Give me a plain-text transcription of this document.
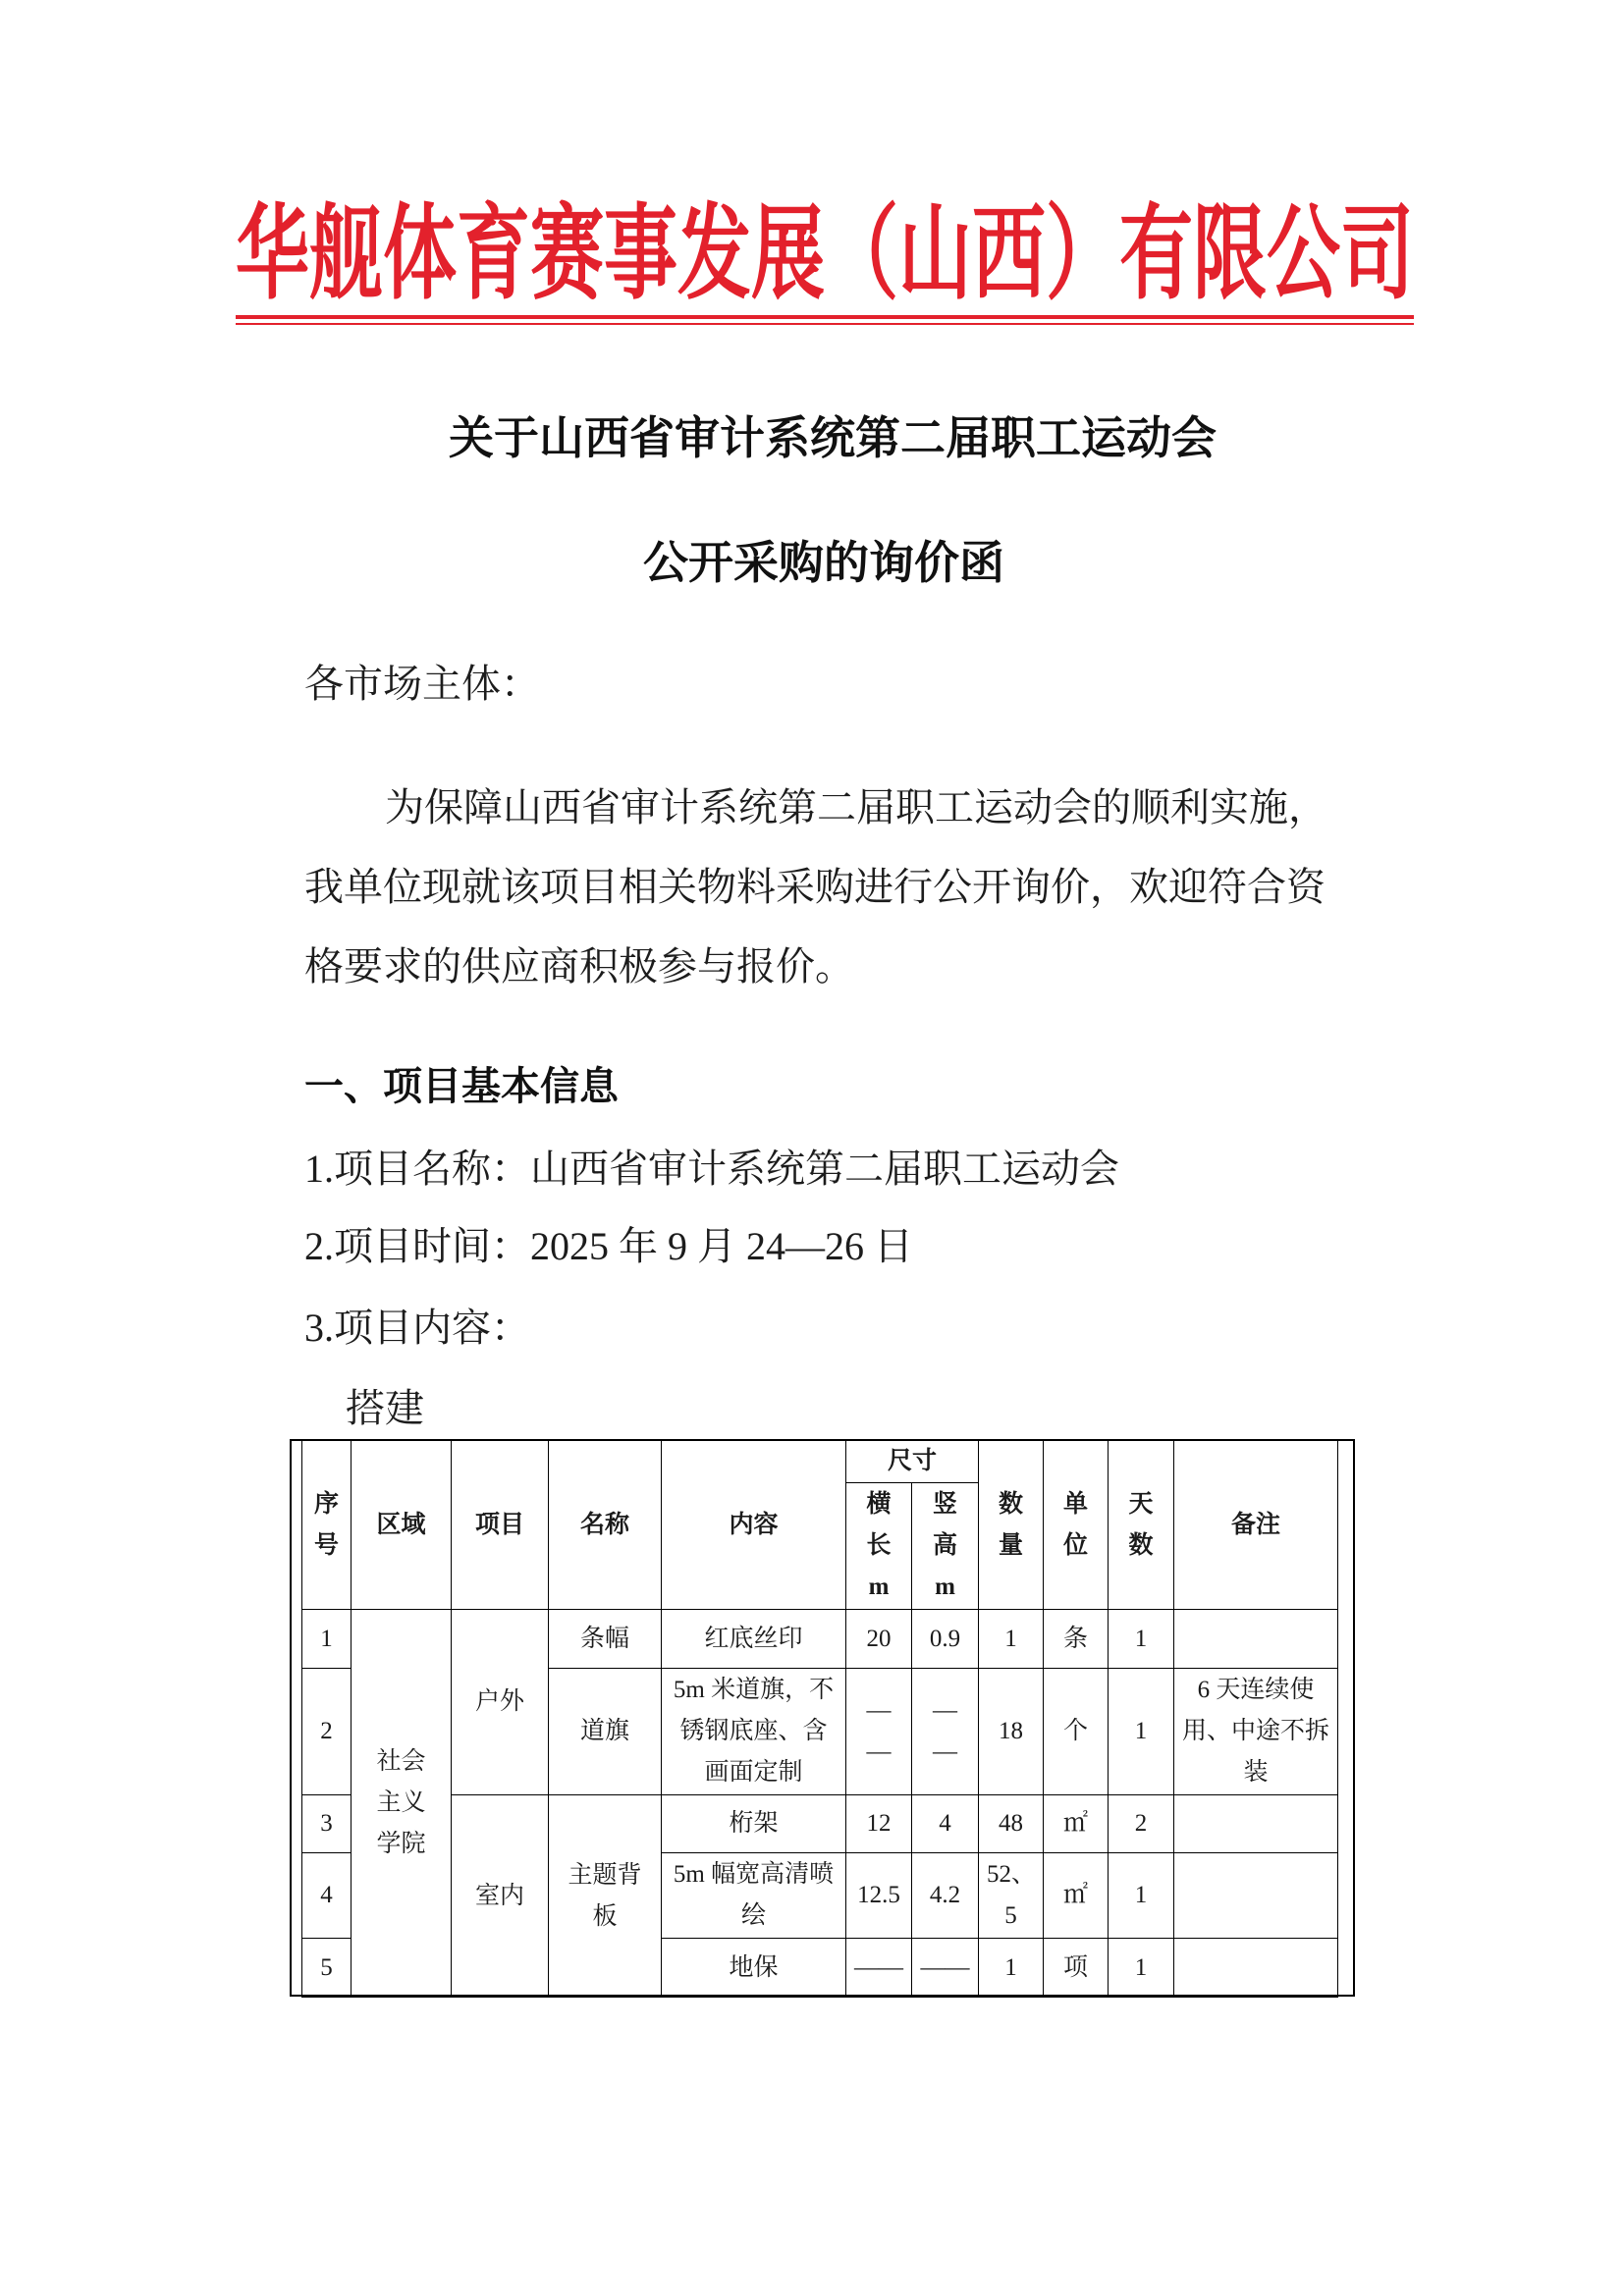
华舰体育赛事发展（山西）有限公司
关于山西省审计系统第二届职工运动会
公开采购的询价函
各市场主体：
为保障山西省审计系统第二届职工运动会的顺利实施，
我单位现就该项目相关物料采购进行公开询价，欢迎符合资
格要求的供应商积极参与报价。
一、项目基本信息
1.项目名称：山西省审计系统第二届职工运动会
2.项目时间：2025 年 9 月 24—26 日
3.项目内容：
搭建
序号	区域	项目	名称	内容	尺寸		数量	单位	天数	备注
					横长m	竖高m				
1	社会主义学院	户外	条幅	红底丝印	20	0.9	1	条	1	
2			道旗	5m 米道旗，不锈钢底座、含画面定制	——	——	18	个	1	6 天连续使用、中途不拆装
3		室内	主题背板	桁架	12	4	48	㎡	2	
4				5m 幅宽高清喷绘	12.5	4.2	52、5	㎡	1	
5				地保	——	——	1	项	1	
